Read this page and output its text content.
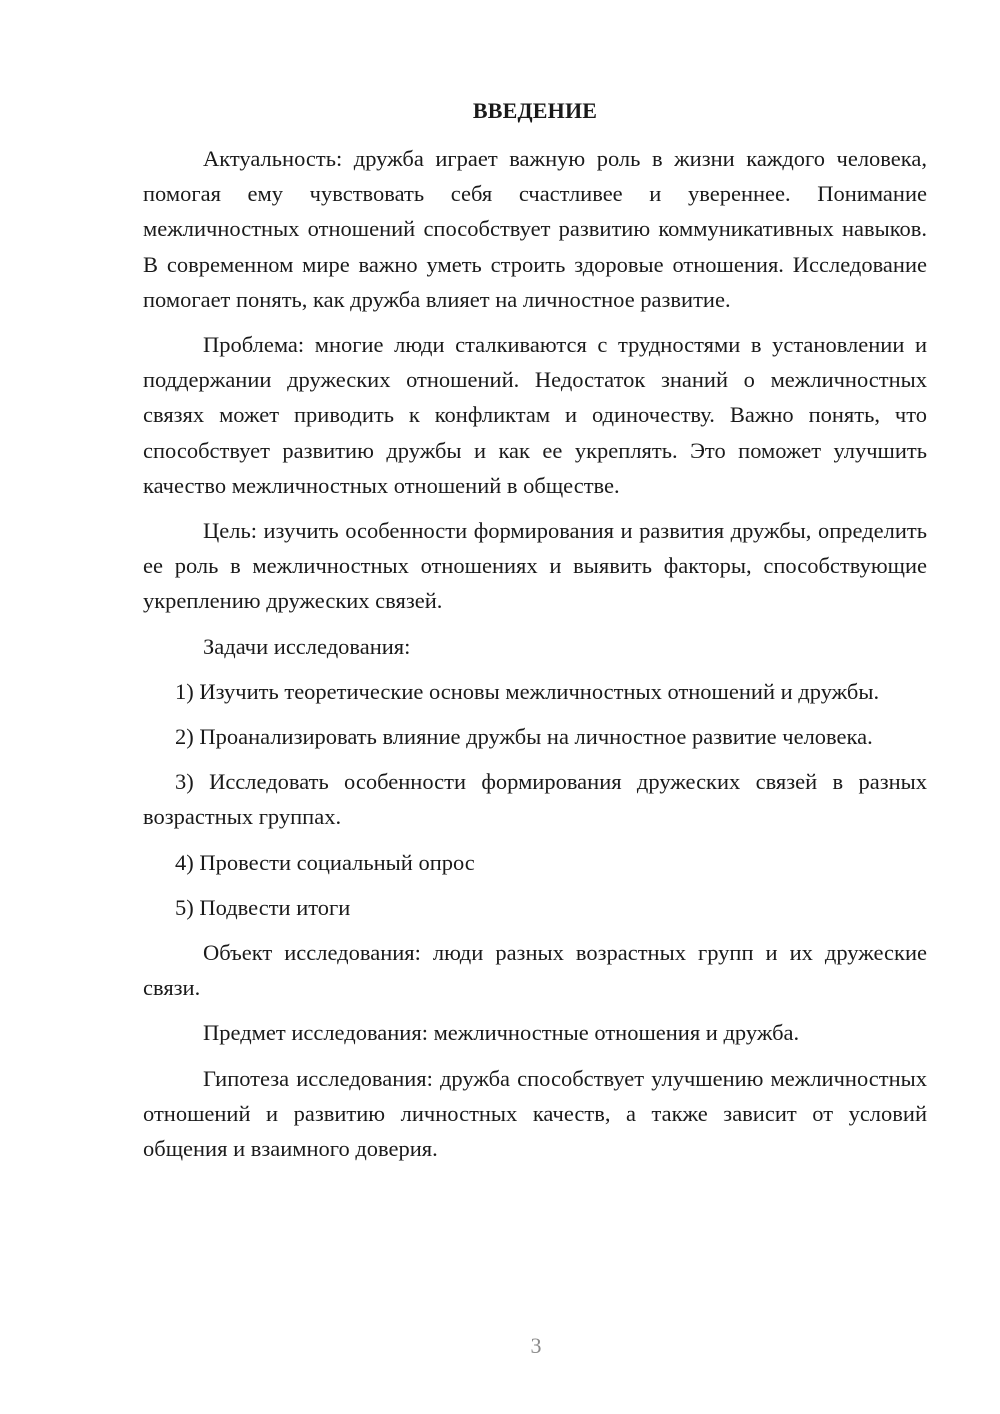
ВВЕДЕНИЕ

Актуальность: дружба играет важную роль в жизни каждого человека, помогая ему чувствовать себя счастливее и увереннее. Понимание межличностных отношений способствует развитию коммуникативных навыков. В современном мире важно уметь строить здоровые отношения. Исследование помогает понять, как дружба влияет на личностное развитие.

Проблема: многие люди сталкиваются с трудностями в установлении и поддержании дружеских отношений. Недостаток знаний о межличностных связях может приводить к конфликтам и одиночеству. Важно понять, что способствует развитию дружбы и как ее укреплять. Это поможет улучшить качество межличностных отношений в обществе.

Цель: изучить особенности формирования и развития дружбы, определить ее роль в межличностных отношениях и выявить факторы, способствующие укреплению дружеских связей.

Задачи исследования:

1) Изучить теоретические основы межличностных отношений и дружбы.

2) Проанализировать влияние дружбы на личностное развитие человека.

3) Исследовать особенности формирования дружеских связей в разных возрастных группах.

4) Провести социальный опрос

5) Подвести итоги

Объект исследования: люди разных возрастных групп и их дружеские связи.

Предмет исследования: межличностные отношения и дружба.

Гипотеза исследования: дружба способствует улучшению межличностных отношений и развитию личностных качеств, а также зависит от условий общения и взаимного доверия.

3
